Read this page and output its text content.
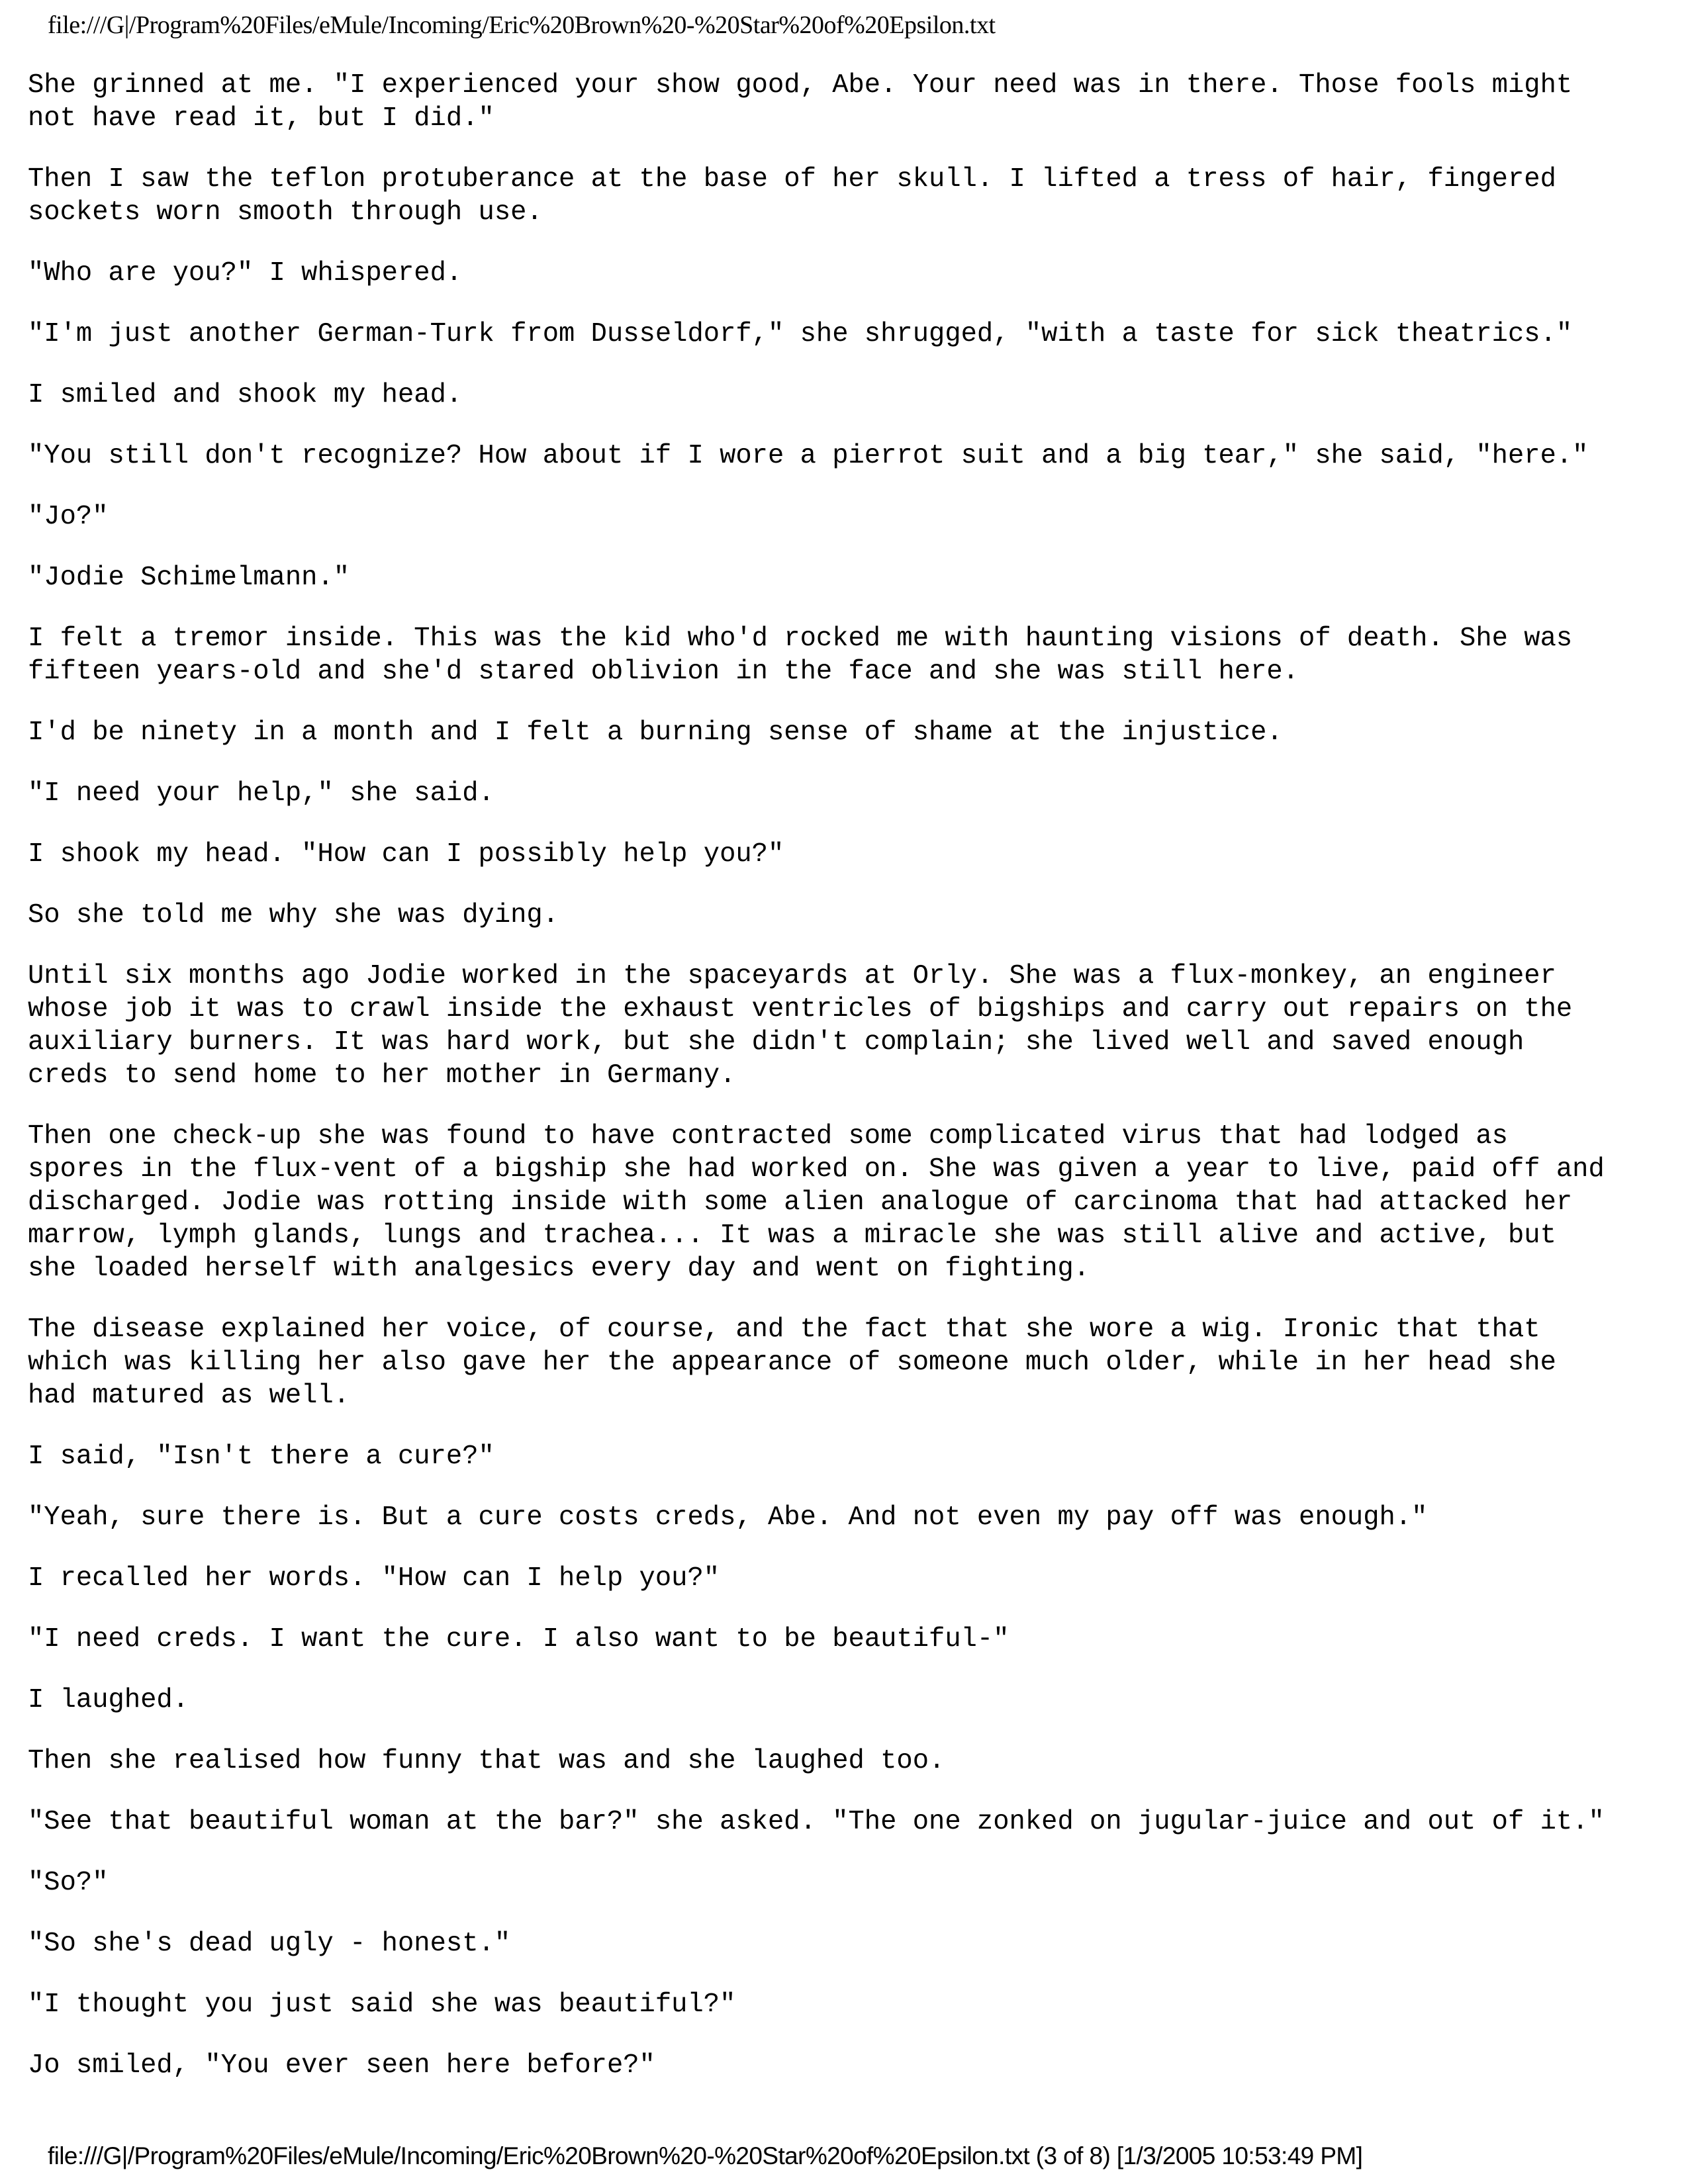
file:///G|/Program%20Files/eMule/Incoming/Eric%20Brown%20-%20Star%20of%20Epsilon.txt

She grinned at me. "I experienced your show good, Abe. Your need was in there. Those fools might
not have read it, but I did."

Then I saw the teflon protuberance at the base of her skull. I lifted a tress of hair, fingered
sockets worn smooth through use.

"Who are you?" I whispered.

"I'm just another German-Turk from Dusseldorf," she shrugged, "with a taste for sick theatrics."

I smiled and shook my head.

"You still don't recognize? How about if I wore a pierrot suit and a big tear," she said, "here."

"Jo?"

"Jodie Schimelmann."

I felt a tremor inside. This was the kid who'd rocked me with haunting visions of death. She was
fifteen years-old and she'd stared oblivion in the face and she was still here.

I'd be ninety in a month and I felt a burning sense of shame at the injustice.

"I need your help," she said.

I shook my head. "How can I possibly help you?"

So she told me why she was dying.

Until six months ago Jodie worked in the spaceyards at Orly. She was a flux-monkey, an engineer
whose job it was to crawl inside the exhaust ventricles of bigships and carry out repairs on the
auxiliary burners. It was hard work, but she didn't complain; she lived well and saved enough
creds to send home to her mother in Germany.

Then one check-up she was found to have contracted some complicated virus that had lodged as
spores in the flux-vent of a bigship she had worked on. She was given a year to live, paid off and
discharged. Jodie was rotting inside with some alien analogue of carcinoma that had attacked her
marrow, lymph glands, lungs and trachea... It was a miracle she was still alive and active, but
she loaded herself with analgesics every day and went on fighting.

The disease explained her voice, of course, and the fact that she wore a wig. Ironic that that
which was killing her also gave her the appearance of someone much older, while in her head she
had matured as well.

I said, "Isn't there a cure?"

"Yeah, sure there is. But a cure costs creds, Abe. And not even my pay off was enough."

I recalled her words. "How can I help you?"

"I need creds. I want the cure. I also want to be beautiful-"

I laughed.

Then she realised how funny that was and she laughed too.

"See that beautiful woman at the bar?" she asked. "The one zonked on jugular-juice and out of it."

"So?"

"So she's dead ugly - honest."

"I thought you just said she was beautiful?"

Jo smiled, "You ever seen here before?"

file:///G|/Program%20Files/eMule/Incoming/Eric%20Brown%20-%20Star%20of%20Epsilon.txt (3 of 8) [1/3/2005 10:53:49 PM]
